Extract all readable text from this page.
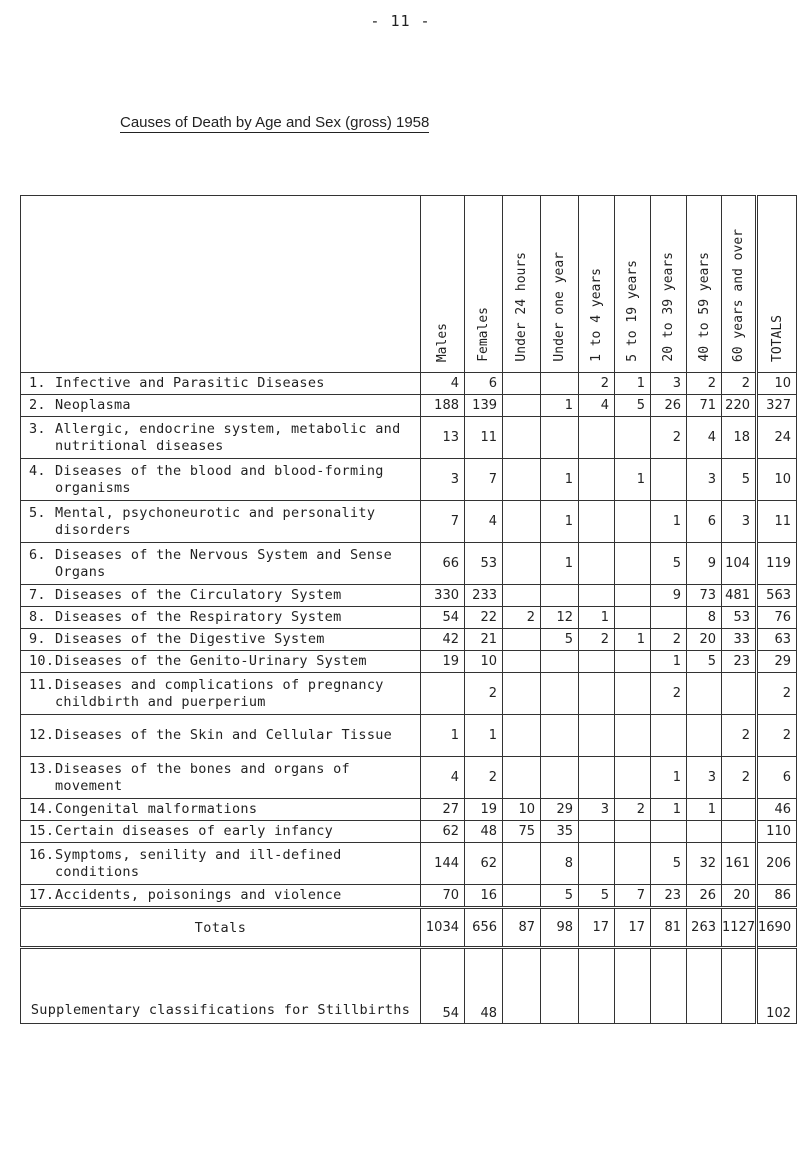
- 11 -
Causes of Death by Age and Sex (gross) 1958
	Males	Females	Under 24 hours	Under one year	1 to 4 years	5 to 19 years	20 to 39 years	40 to 59 years	60 years and over	TOTALS
1. Infective and Parasitic Diseases	4	6			2	1	3	2	2	10
2. Neoplasma	188	139		1	4	5	26	71	220	327
3. Allergic, endocrine system, metabolic and nutritional diseases	13	11					2	4	18	24
4. Diseases of the blood and blood-forming organisms	3	7		1		1		3	5	10
5. Mental, psychoneurotic and personality disorders	7	4		1			1	6	3	11
6. Diseases of the Nervous System and Sense Organs	66	53		1			5	9	104	119
7. Diseases of the Circulatory System	330	233					9	73	481	563
8. Diseases of the Respiratory System	54	22	2	12	1			8	53	76
9. Diseases of the Digestive System	42	21		5	2	1	2	20	33	63
10.Diseases of the Genito-Urinary System	19	10					1	5	23	29
11.Diseases and complications of pregnancy childbirth and puerperium		2					2			2
12.Diseases of the Skin and Cellular Tissue	1	1							2	2
13.Diseases of the bones and organs of movement	4	2					1	3	2	6
14.Congenital malformations	27	19	10	29	3	2	1	1		46
15.Certain diseases of early infancy	62	48	75	35						110
16.Symptoms, senility and ill-defined conditions	144	62		8			5	32	161	206
17.Accidents, poisonings and violence	70	16		5	5	7	23	26	20	86
Totals	1034	656	87	98	17	17	81	263	1127	1690
Supplementary classifications for Stillbirths	54	48								102
